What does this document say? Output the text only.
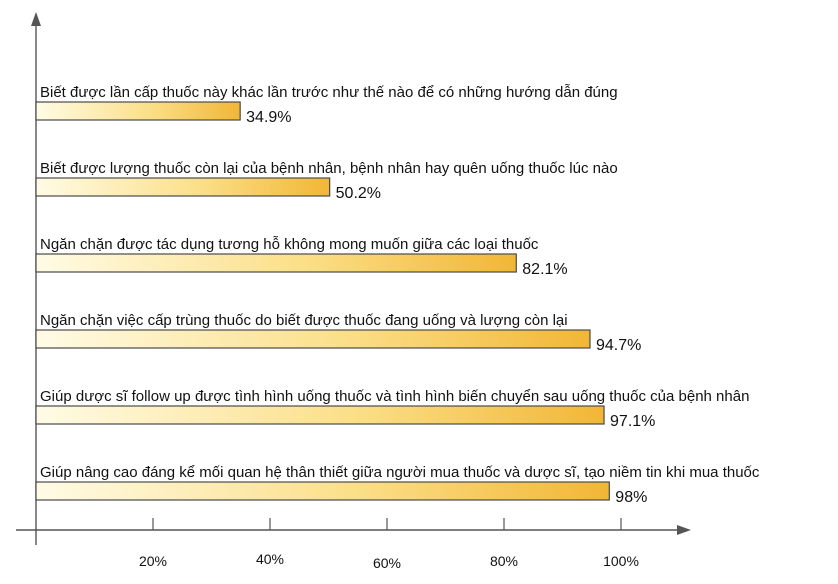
Biết được lần cấp thuốc này khác lần trước như thế nào để có những hướng dẫn đúng
34.9%
Biết được lượng thuốc còn lại của bệnh nhân, bệnh nhân hay quên uống thuốc lúc nào
50.2%
Ngăn chặn được tác dụng tương hỗ không mong muốn giữa các loại thuốc
82.1%
Ngăn chặn việc cấp trùng thuốc do biết được thuốc đang uống và lượng còn lại
94.7%
Giúp dược sĩ follow up được tình hình uống thuốc và tình hình biến chuyển sau uống thuốc của bệnh nhân
97.1%
Giúp nâng cao đáng kể mối quan hệ thân thiết giữa người mua thuốc và dược sĩ, tạo niềm tin khi mua thuốc
98%
20%	40%	60%	80%	100%
